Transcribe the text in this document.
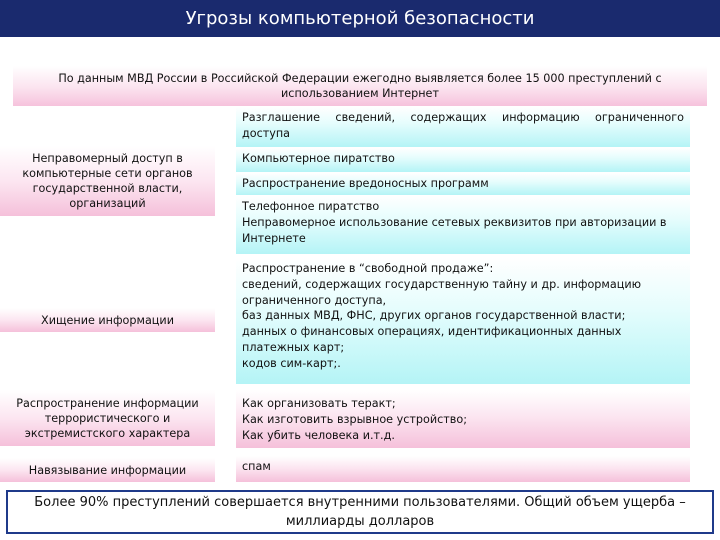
Угрозы компьютерной безопасности
По данным МВД России в Российской Федерации ежегодно выявляется более 15 000 преступлений с использованием Интернет
Неправомерный доступ в компьютерные сети органов государственной власти, организаций
Хищение информации
Распространение информации террористического и экстремистского характера
Навязывание информации
Разглашение сведений, содержащих информацию ограниченного доступа
Компьютерное пиратство
Распространение вредоносных программ
Телефонное пиратство
Неправомерное использование сетевых реквизитов при авторизации в Интернете
Распространение в “свободной продаже”:
сведений, содержащих государственную тайну и др. информацию
ограниченного доступа,
баз данных МВД, ФНС, других органов государственной власти;
данных о финансовых операциях, идентификационных данных
платежных карт;
кодов сим-карт;.
Как организовать теракт;
Как изготовить взрывное устройство;
Как убить человека и.т.д.
спам
Более 90% преступлений совершается внутренними пользователями. Общий объем ущерба – миллиарды долларов
